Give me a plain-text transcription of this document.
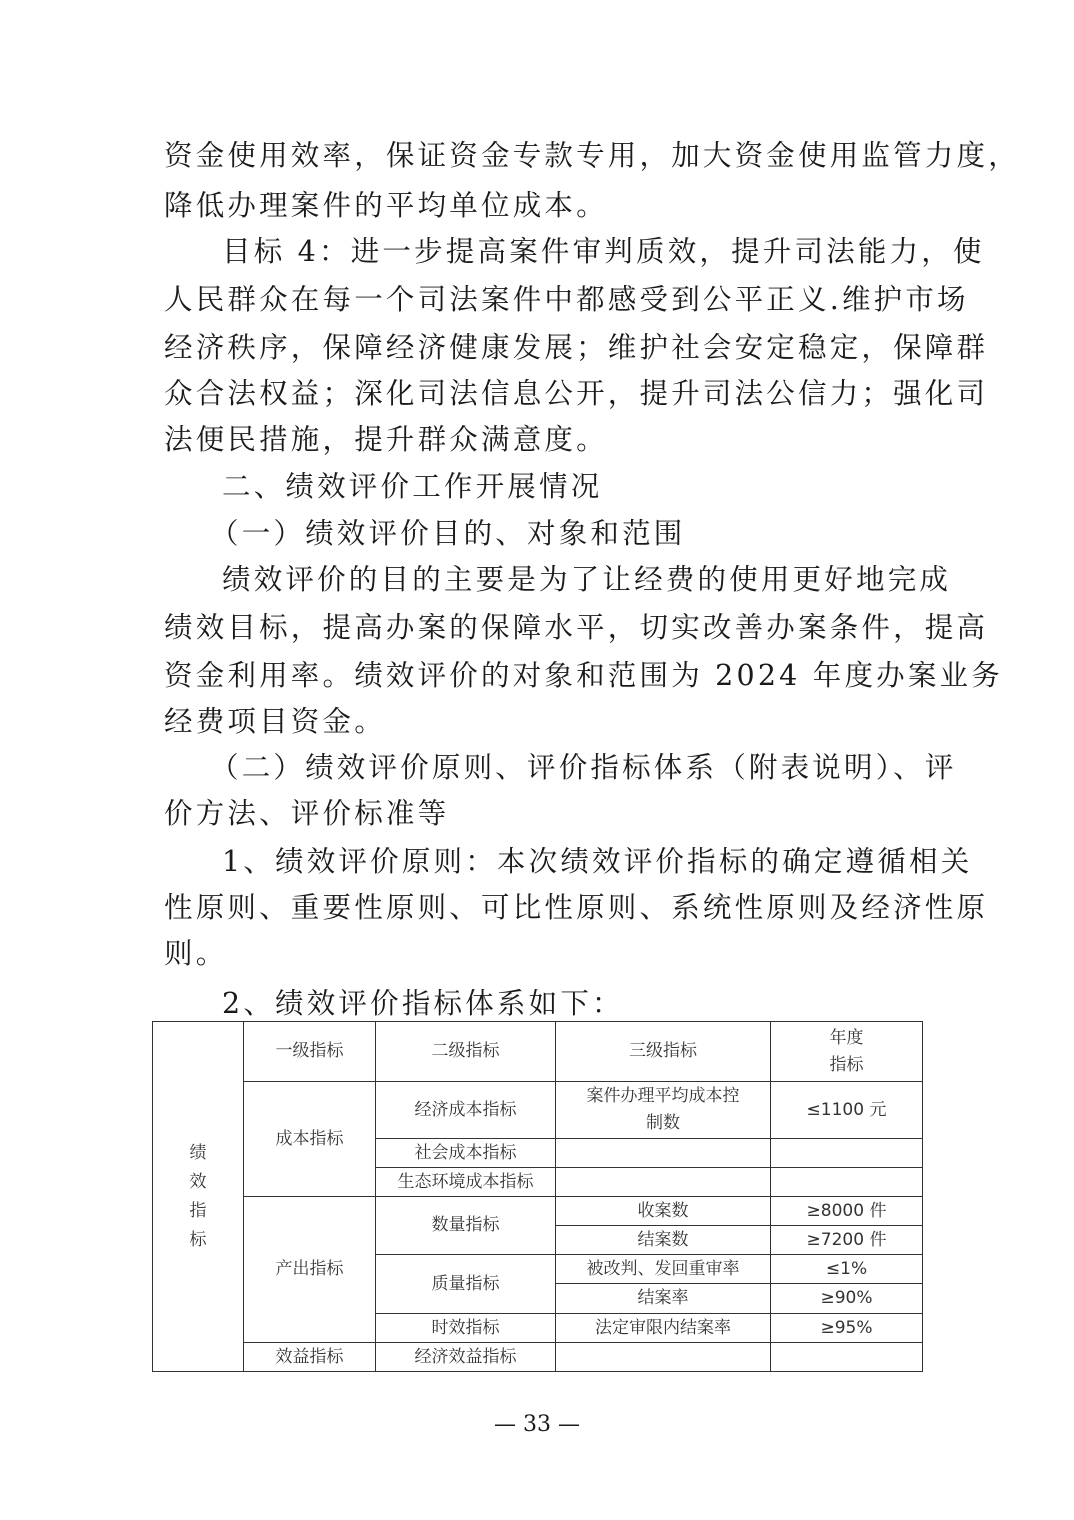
资金使用效率，保证资金专款专用，加大资金使用监管力度，
降低办理案件的平均单位成本。
目标 4：进一步提高案件审判质效，提升司法能力，使
人民群众在每一个司法案件中都感受到公平正义.维护市场
经济秩序，保障经济健康发展；维护社会安定稳定，保障群
众合法权益；深化司法信息公开，提升司法公信力；强化司
法便民措施，提升群众满意度。
二、绩效评价工作开展情况
（一）绩效评价目的、对象和范围
绩效评价的目的主要是为了让经费的使用更好地完成
绩效目标，提高办案的保障水平，切实改善办案条件，提高
资金利用率。绩效评价的对象和范围为 2024 年度办案业务
经费项目资金。
（二）绩效评价原则、评价指标体系（附表说明）、评
价方法、评价标准等
1、绩效评价原则：本次绩效评价指标的确定遵循相关
性原则、重要性原则、可比性原则、系统性原则及经济性原
则。
2、绩效评价指标体系如下：
绩
效
指
标	一级指标	二级指标	三级指标	年度
指标
	成本指标	经济成本指标	案件办理平均成本控
制数	≤1100 元
		社会成本指标		
		生态环境成本指标		
	产出指标	数量指标	收案数	≥8000 件
			结案数	≥7200 件
		质量指标	被改判、发回重审率	≤1%
			结案率	≥90%
		时效指标	法定审限内结案率	≥95%
	效益指标	经济效益指标		
— 33 —
